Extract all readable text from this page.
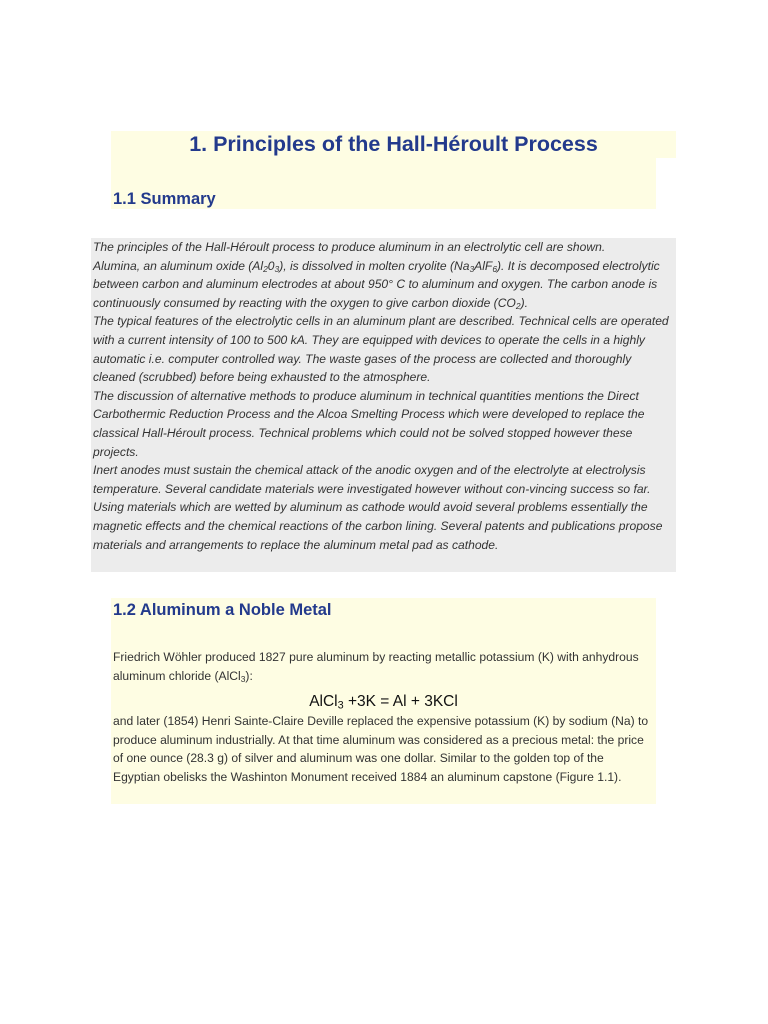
1. Principles of the Hall-Héroult Process
1.1 Summary
The principles of the Hall-Héroult process to produce aluminum in an electrolytic cell are shown.
Alumina, an aluminum oxide $(Al_20_3)$, is dissolved in molten cryolite $(Na_3AlF_6)$. It is decomposed electrolytic between carbon and aluminum electrodes at about 950° C to aluminum and oxygen. The carbon anode is continuously consumed by reacting with the oxygen to give carbon dioxide $(CO_2)$.
The typical features of the electrolytic cells in an aluminum plant are described. Technical cells are operated with a current intensity of 100 to 500 kA. They are equipped with devices to operate the cells in a highly automatic i.e. computer controlled way. The waste gases of the process are collected and thoroughly cleaned (scrubbed) before being exhausted to the atmosphere.
The discussion of alternative methods to produce aluminum in technical quantities mentions the Direct Carbothermic Reduction Process and the Alcoa Smelting Process which were developed to replace the classical Hall-Héroult process. Technical problems which could not be solved stopped however these projects.
Inert anodes must sustain the chemical attack of the anodic oxygen and of the electrolyte at electrolysis temperature. Several candidate materials were investigated however without con-vincing success so far. Using materials which are wetted by aluminum as cathode would avoid several problems essentially the magnetic effects and the chemical reactions of the carbon lining. Several patents and publications propose materials and arrangements to replace the aluminum metal pad as cathode.
1.2 Aluminum a Noble Metal

Friedrich Wöhler produced 1827 pure aluminum by reacting metallic potassium (K) with anhydrous aluminum chloride (AlCl$_3$):

AlCl$_3$ +3K = Al + 3KCl

and later (1854) Henri Sainte-Claire Deville replaced the expensive potassium (K) by sodium (Na) to produce aluminum industrially. At that time aluminum was considered as a precious metal: the price of one ounce (28.3 g) of silver and aluminum was one dollar. Similar to the golden top of the Egyptian obelisks the Washinton Monument received 1884 an aluminum capstone (Figure 1.1).
